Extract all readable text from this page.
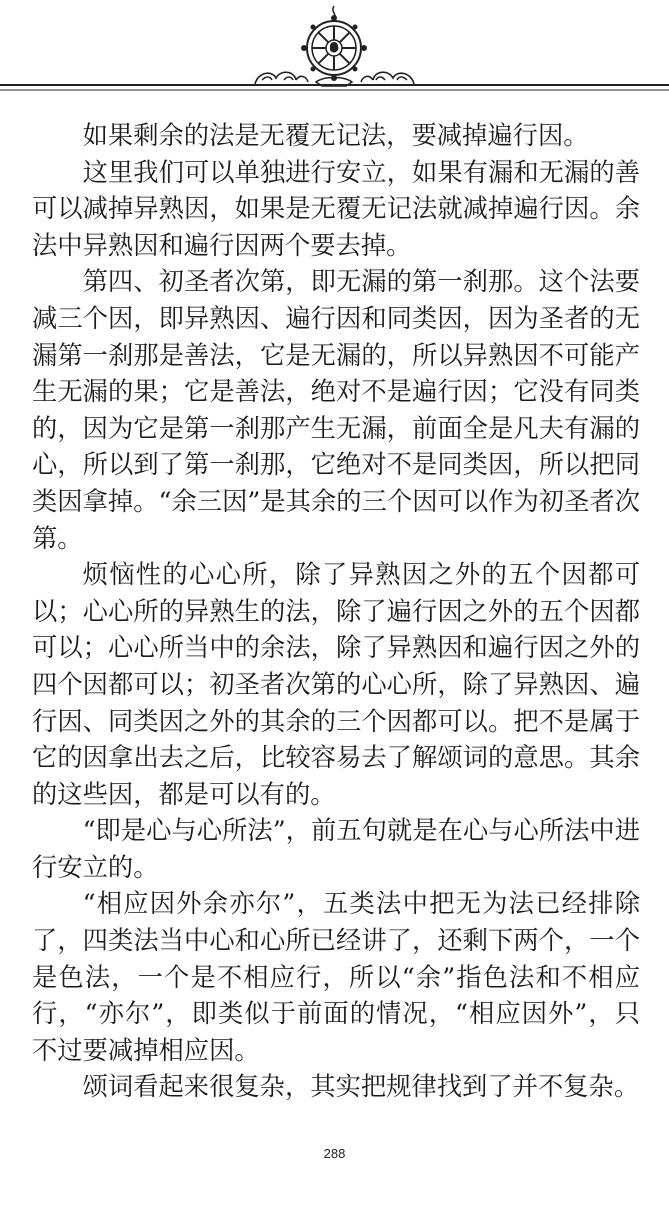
如果剩余的法是无覆无记法，要减掉遍行因。

这里我们可以单独进行安立，如果有漏和无漏的善可以减掉异熟因，如果是无覆无记法就减掉遍行因。余法中异熟因和遍行因两个要去掉。

第四、初圣者次第，即无漏的第一刹那。这个法要减三个因，即异熟因、遍行因和同类因，因为圣者的无漏第一刹那是善法，它是无漏的，所以异熟因不可能产生无漏的果；它是善法，绝对不是遍行因；它没有同类的，因为它是第一刹那产生无漏，前面全是凡夫有漏的心，所以到了第一刹那，它绝对不是同类因，所以把同类因拿掉。“余三因”是其余的三个因可以作为初圣者次第。

烦恼性的心心所，除了异熟因之外的五个因都可以；心心所的异熟生的法，除了遍行因之外的五个因都可以；心心所当中的余法，除了异熟因和遍行因之外的四个因都可以；初圣者次第的心心所，除了异熟因、遍行因、同类因之外的其余的三个因都可以。把不是属于它的因拿出去之后，比较容易去了解颂词的意思。其余的这些因，都是可以有的。

“即是心与心所法”，前五句就是在心与心所法中进行安立的。

“相应因外余亦尔”，五类法中把无为法已经排除了，四类法当中心和心所已经讲了，还剩下两个，一个是色法，一个是不相应行，所以“余”指色法和不相应行，“亦尔”，即类似于前面的情况，“相应因外”，只不过要减掉相应因。

颂词看起来很复杂，其实把规律找到了并不复杂。

288
